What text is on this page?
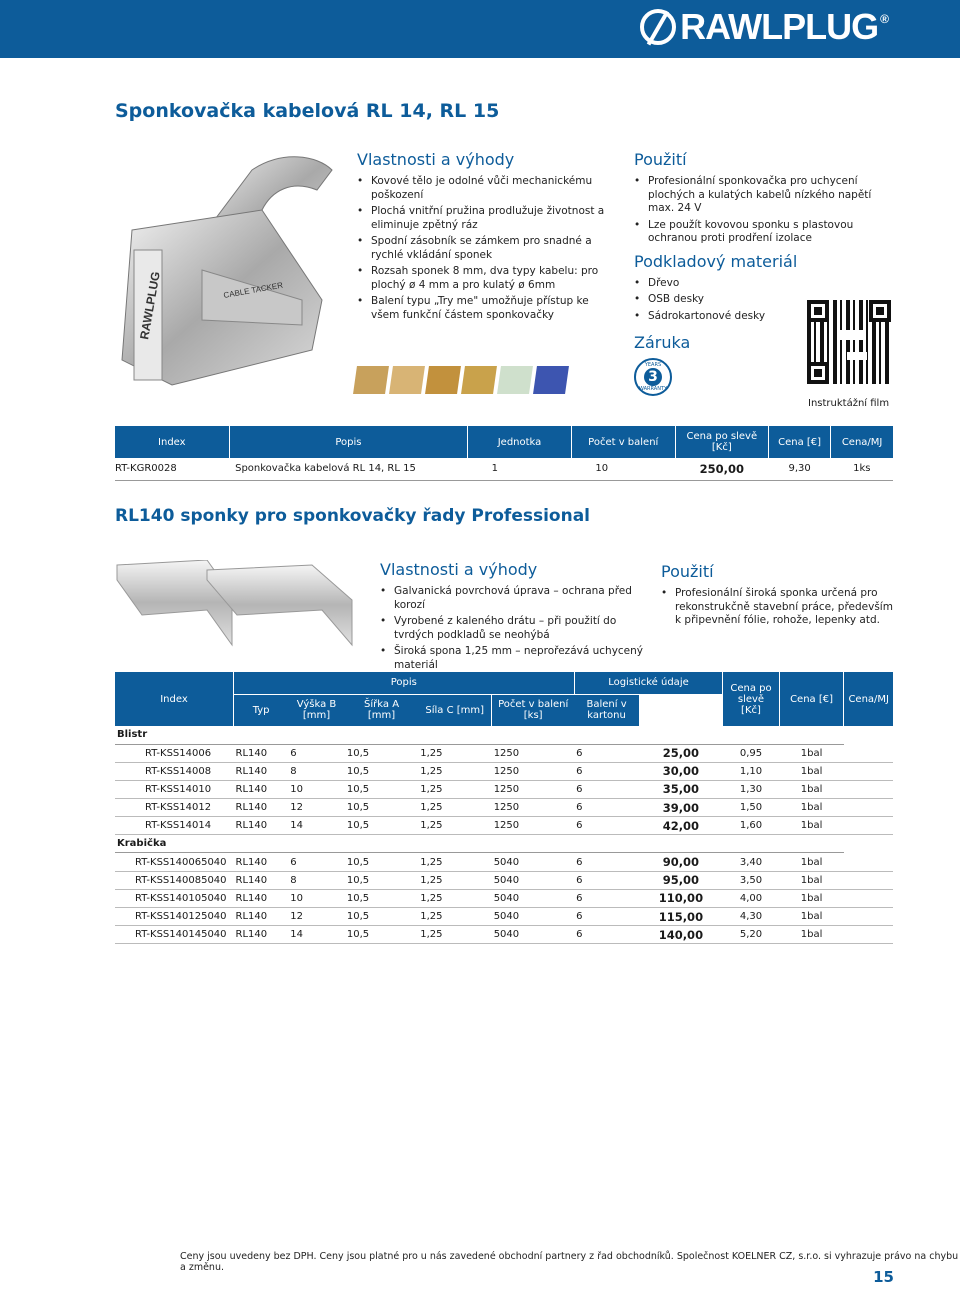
RAWLPLUG ®
Sponkovačka kabelová RL 14, RL 15
RAWLPLUG	CABLE TACKER
Vlastnosti a výhody
• Kovové tělo je odolné vůči mechanickému poškození
• Plochá vnitřní pružina prodlužuje životnost a eliminuje zpětný ráz
• Spodní zásobník se zámkem pro snadné a rychlé vkládání sponek
• Rozsah sponek 8 mm, dva typy kabelu: pro plochý ø 4 mm a pro kulatý ø 6mm
• Balení typu „Try me" umožňuje přístup ke všem funkční částem sponkovačky
Použití
• Profesionální sponkovačka pro uchycení plochých a kulatých kabelů nízkého napětí max. 24 V
• Lze použít kovovou sponku s plastovou ochranou proti prodření izolace
Podkladový materiál
• Dřevo
• OSB desky
• Sádrokartonové desky
Záruka
YEARS
3
WARRANTY
Instruktážní film
Index	Popis	Jednotka	Počet v balení	Cena po slevě [Kč]	Cena [€]	Cena/MJ
RT-KGR0028	Sponkovačka kabelová RL 14, RL 15	1	10	250,00	9,30	1ks
RL140 sponky pro sponkovačky řady Professional
Vlastnosti a výhody
• Galvanická povrchová úprava – ochrana před korozí
• Vyrobené z kaleného drátu – při použití do tvrdých podkladů se neohýbá
• Široká spona 1,25 mm – neprořezává uchycený materiál
Použití
• Profesionální široká sponka určená pro rekonstrukčně stavební práce, především k připevnění fólie, rohože, lepenky atd.
Index	Popis					Logistické údaje		Cena po slevě [Kč]	Cena [€]	Cena/MJ
	Typ	Výška B [mm]	Šířka A [mm]	Síla C [mm]	Počet v balení [ks]	Balení v kartonu				
Blistr										
RT-KSS14006	RL140	6	10,5	1,25	1250	6	25,00	0,95	1bal	
RT-KSS14008	RL140	8	10,5	1,25	1250	6	30,00	1,10	1bal	
RT-KSS14010	RL140	10	10,5	1,25	1250	6	35,00	1,30	1bal	
RT-KSS14012	RL140	12	10,5	1,25	1250	6	39,00	1,50	1bal	
RT-KSS14014	RL140	14	10,5	1,25	1250	6	42,00	1,60	1bal	
Krabička										
RT-KSS140065040	RL140	6	10,5	1,25	5040	6	90,00	3,40	1bal	
RT-KSS140085040	RL140	8	10,5	1,25	5040	6	95,00	3,50	1bal	
RT-KSS140105040	RL140	10	10,5	1,25	5040	6	110,00	4,00	1bal	
RT-KSS140125040	RL140	12	10,5	1,25	5040	6	115,00	4,30	1bal	
RT-KSS140145040	RL140	14	10,5	1,25	5040	6	140,00	5,20	1bal	
Ceny jsou uvedeny bez DPH. Ceny jsou platné pro u nás zavedené obchodní partnery z řad obchodníků. Společnost KOELNER CZ, s.r.o. si vyhrazuje právo na chybu a změnu.
15
